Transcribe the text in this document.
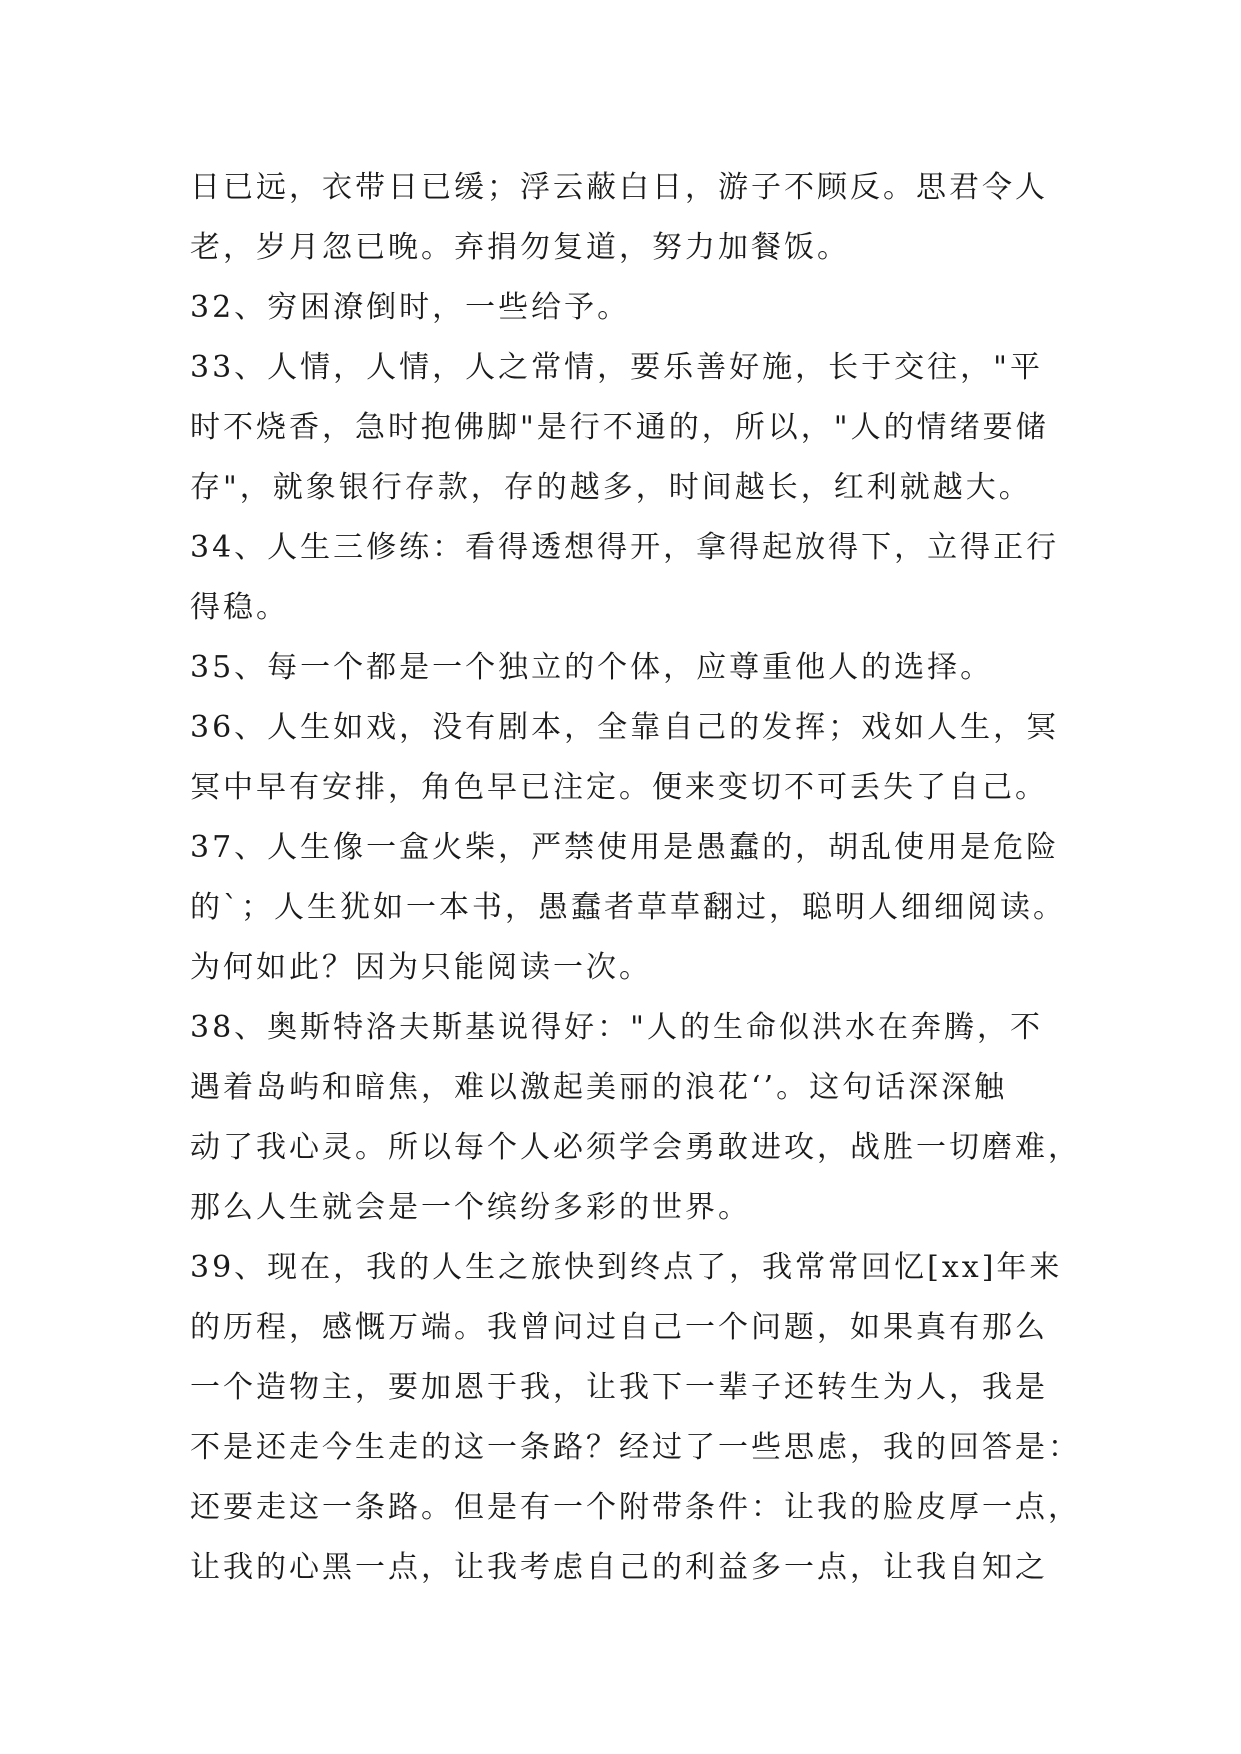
日已远，衣带日已缓；浮云蔽白日，游子不顾反。思君令人
老，岁月忽已晚。弃捐勿复道，努力加餐饭。
32、穷困潦倒时，一些给予。
33、人情，人情，人之常情，要乐善好施，长于交往，"平
时不烧香，急时抱佛脚"是行不通的，所以，"人的情绪要储
存"，就象银行存款，存的越多，时间越长，红利就越大。
34、人生三修练：看得透想得开，拿得起放得下，立得正行
得稳。
35、每一个都是一个独立的个体，应尊重他人的选择。
36、人生如戏，没有剧本，全靠自己的发挥；戏如人生，冥
冥中早有安排，角色早已注定。便来变切不可丢失了自己。
37、人生像一盒火柴，严禁使用是愚蠢的，胡乱使用是危险
的`；人生犹如一本书，愚蠢者草草翻过，聪明人细细阅读。
为何如此？因为只能阅读一次。
38、奥斯特洛夫斯基说得好："人的生命似洪水在奔腾，不
遇着岛屿和暗焦，难以激起美丽的浪花‘’。这句话深深触
动了我心灵。所以每个人必须学会勇敢进攻，战胜一切磨难，
那么人生就会是一个缤纷多彩的世界。
39、现在，我的人生之旅快到终点了，我常常回忆[xx]年来
的历程，感慨万端。我曾问过自己一个问题，如果真有那么
一个造物主，要加恩于我，让我下一辈子还转生为人，我是
不是还走今生走的这一条路？经过了一些思虑，我的回答是：
还要走这一条路。但是有一个附带条件：让我的脸皮厚一点，
让我的心黑一点，让我考虑自己的利益多一点，让我自知之
